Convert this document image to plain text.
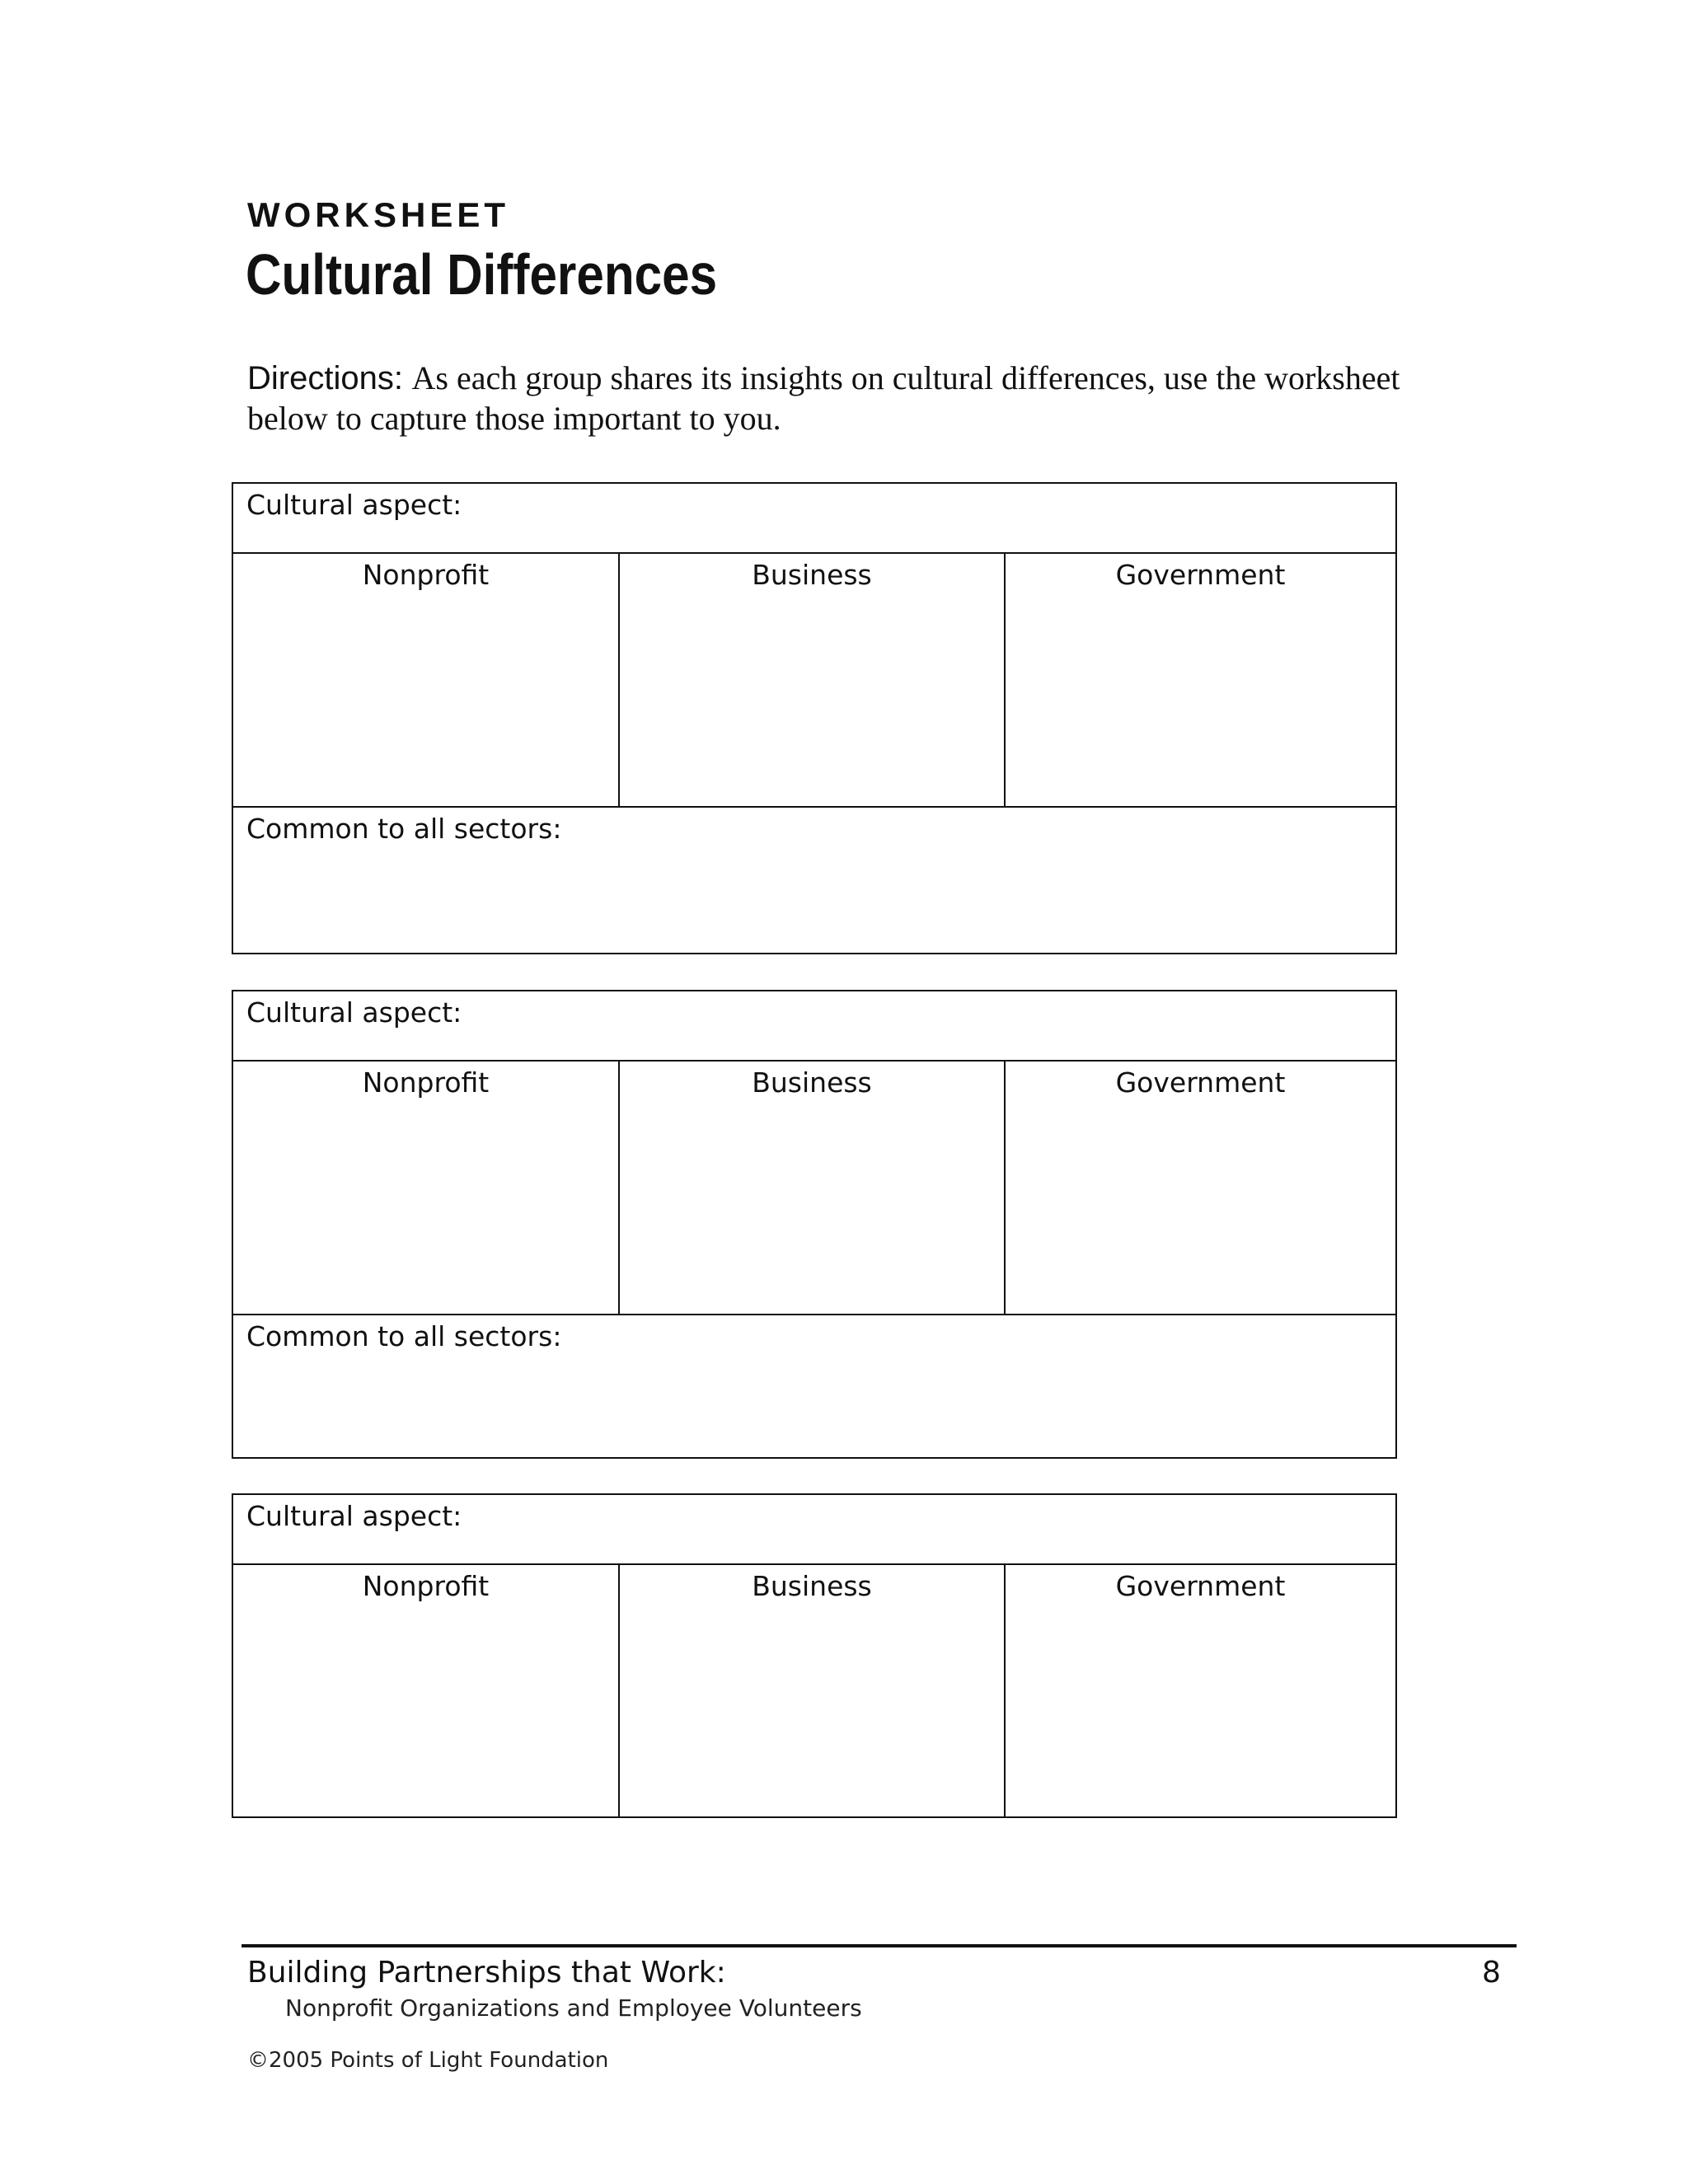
WORKSHEET
Cultural Differences
Directions: As each group shares its insights on cultural differences, use the worksheet below to capture those important to you.
Cultural aspect:
Nonprofit	Business	Government
Common to all sectors:
Cultural aspect:
Nonprofit	Business	Government
Common to all sectors:
Cultural aspect:
Nonprofit	Business	Government
Building Partnerships that Work:
Nonprofit Organizations and Employee Volunteers
8
©2005 Points of Light Foundation
